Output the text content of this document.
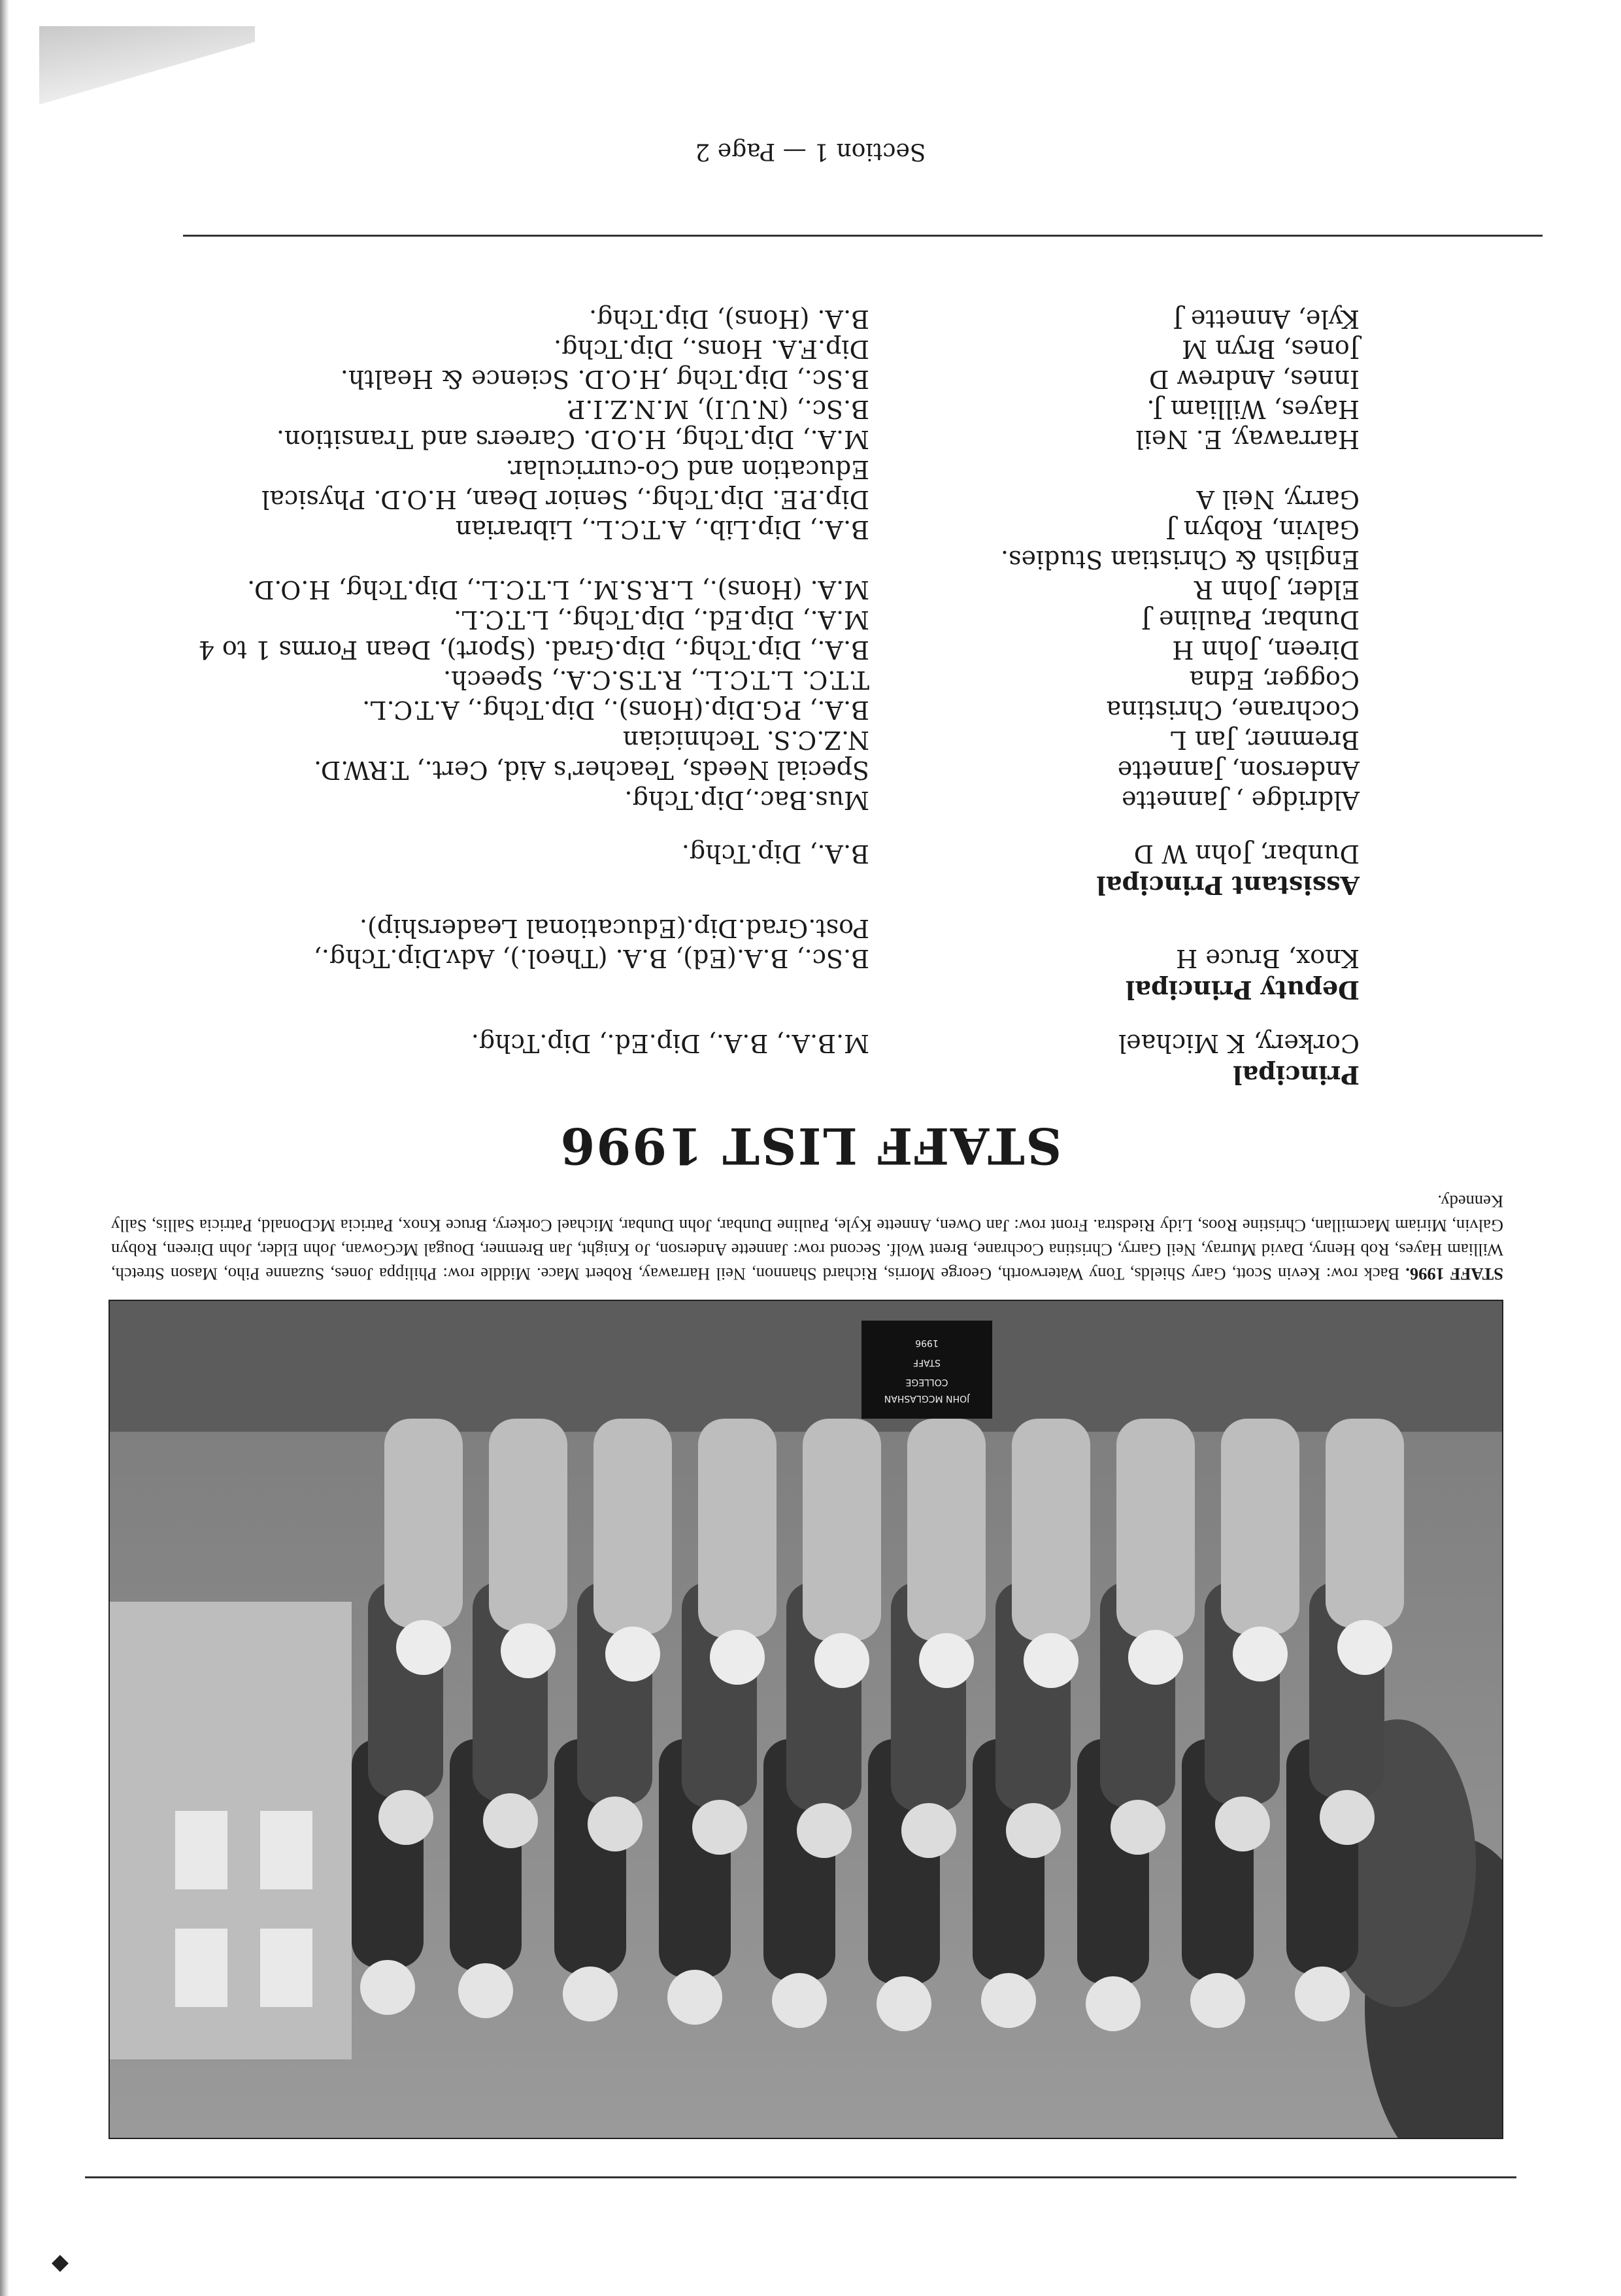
◆
JOHN MCGLASHAN
COLLEGE
STAFF
1996
STAFF 1996. Back row: Kevin Scott, Gary Shields, Tony Waterworth, George Morris, Richard Shannon, Neil Harraway, Robert Mace. Middle row: Philippa Jones, Suzanne Piho, Mason Stretch, William Hayes, Rob Henry, David Murray, Neil Garry, Christina Cochrane, Brent Wolf. Second row: Jannette Anderson, Jo Knight, Jan Bremner, Dougal McGowan, John Elder, John Direen, Robyn Galvin, Miriam Macmillan, Christine Roos, Lidy Riedstra. Front row: Jan Owen, Annette Kyle, Pauline Dunbar, John Dunbar, Michael Corkery, Bruce Knox, Patricia McDonald, Patricia Sallis, Sally Kennedy.
STAFF LIST 1996
Principal
Corkery, K Michael
M.B.A., B.A., Dip.Ed., Dip.Tchg.
Deputy Principal
Knox, Bruce H
B.Sc., B.A.(Ed), B.A. (Theol.), Adv.Dip.Tchg.,
Post.Grad.Dip.(Educational Leadership).
Assistant Principal
Dunbar, John W D
B.A., Dip.Tchg.
Aldridge , Jannette
Mus.Bac.,Dip.Tchg.
Anderson, Jannette
Special Needs, Teacher's Aid, Cert., T.RW.D.
Bremner, Jan L
N.Z.C.S. Technician
Cochrane, Christina
B.A., P.G.Dip.(Hons)., Dip.Tchg., A.T.C.L.
Cogger, Edna
T.T.C. L.T.C.L., R.T.S.C.A., Speech.
Direen, John H
B.A., Dip.Tchg., Dip.Grad. (Sport), Dean Forms 1 to 4
Dunbar, Pauline J
M.A., Dip.Ed., Dip.Tchg., L.T.C.L.
Elder, John R
M.A. (Hons)., L.R.S.M., L.T.C.L., Dip.Tchg, H.O.D.
English & Christian Studies.
Galvin, Robyn J
B.A., Dip.Lib., A.T.C.L., Librarian
Garry, Neil A
Dip.P.E. Dip.Tchg., Senior Dean, H.O.D. Physical
Education and Co-curricular.
Harraway, E. Neil
M.A., Dip.Tchg, H.O.D. Careers and Transition.
Hayes, William J.
B.Sc., (N.U.I), M.N.Z.I.P.
Innes, Andrew D
B.Sc., Dip.Tchg ,H.O.D. Science & Health.
Jones, Bryn M
Dip.F.A. Hons., Dip.Tchg.
Kyle, Annette J
B.A. (Hons), Dip.Tchg.
Section 1 — Page 2
